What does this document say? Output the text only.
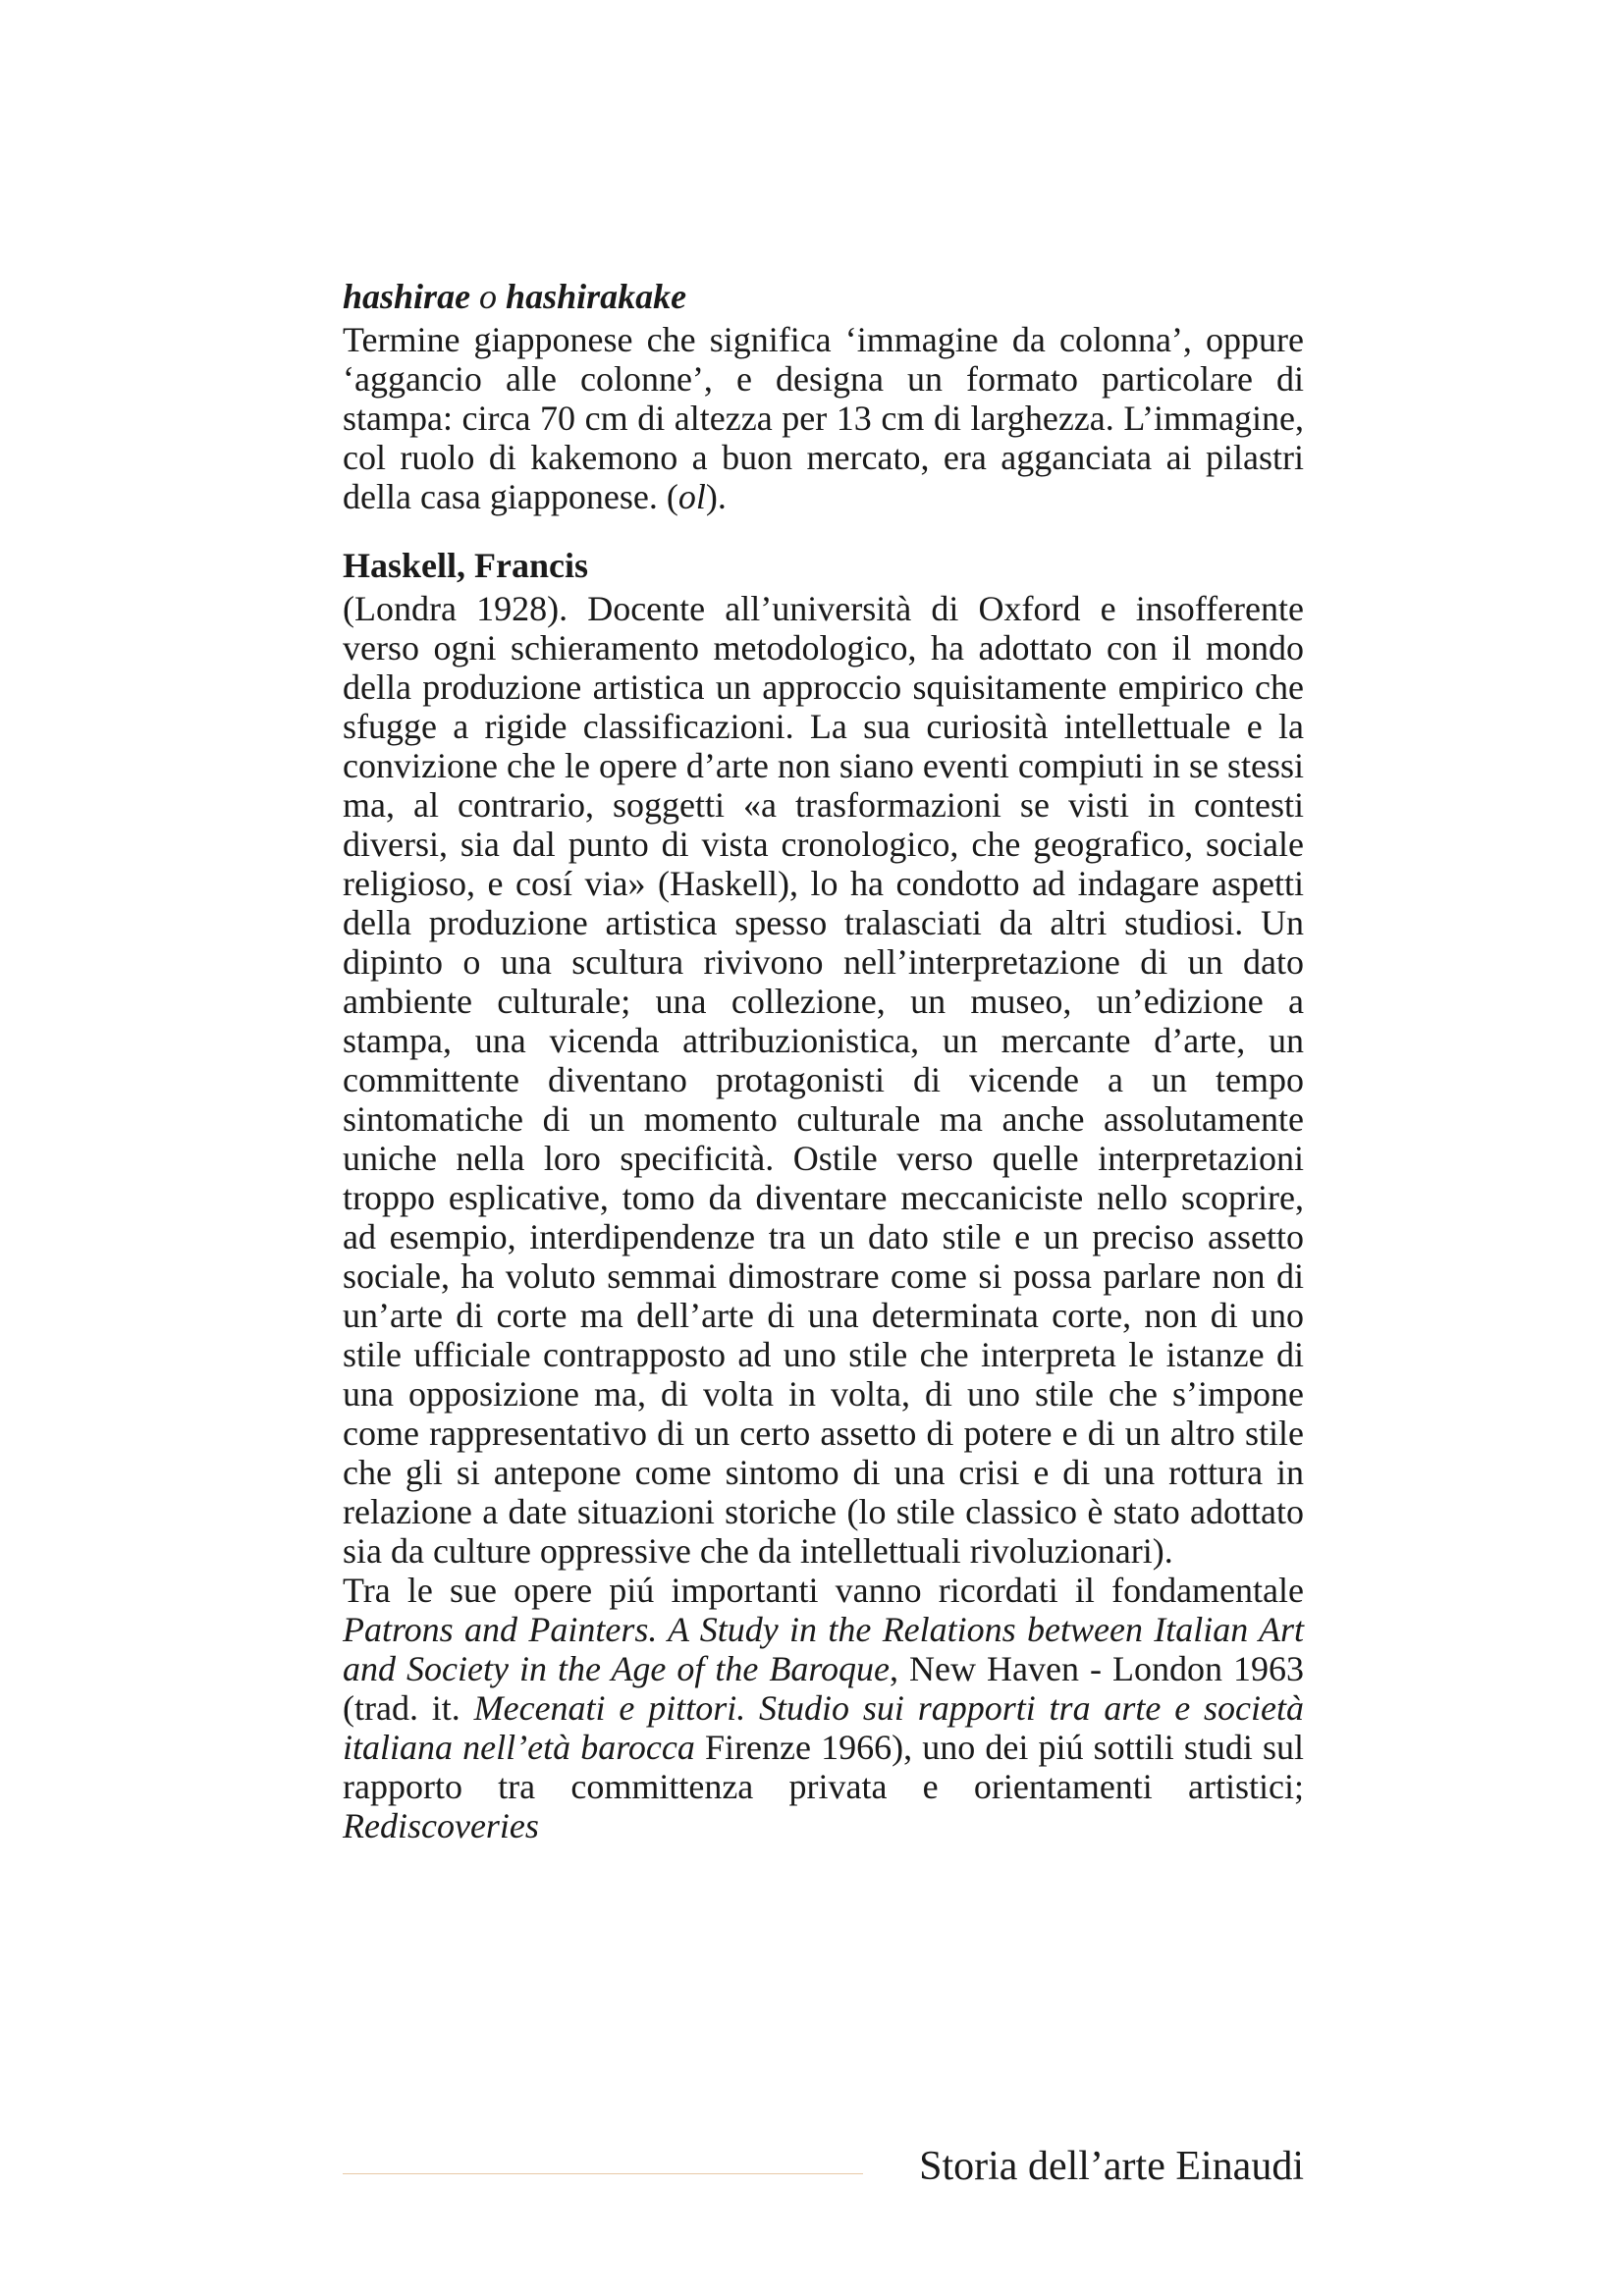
hashirae o hashirakake

Termine giapponese che significa ‘immagine da colonna’, oppure ‘aggancio alle colonne’, e designa un formato particolare di stampa: circa 70 cm di altezza per 13 cm di larghezza. L’immagine, col ruolo di kakemono a buon mercato, era agganciata ai pilastri della casa giapponese. (ol).

Haskell, Francis

(Londra 1928). Docente all’università di Oxford e insofferente verso ogni schieramento metodologico, ha adottato con il mondo della produzione artistica un approccio squisitamente empirico che sfugge a rigide classificazioni. La sua curiosità intellettuale e la convizione che le opere d’arte non siano eventi compiuti in se stessi ma, al contrario, soggetti «a trasformazioni se visti in contesti diversi, sia dal punto di vista cronologico, che geografico, sociale religioso, e cosí via» (Haskell), lo ha condotto ad indagare aspetti della produzione artistica spesso tralasciati da altri studiosi. Un dipinto o una scultura rivivono nell’interpretazione di un dato ambiente culturale; una collezione, un museo, un’edizione a stampa, una vicenda attribuzionistica, un mercante d’arte, un committente diventano protagonisti di vicende a un tempo sintomatiche di un momento culturale ma anche assolutamente uniche nella loro specificità. Ostile verso quelle interpretazioni troppo esplicative, tomo da diventare meccaniciste nello scoprire, ad esempio, interdipendenze tra un dato stile e un preciso assetto sociale, ha voluto semmai dimostrare come si possa parlare non di un’arte di corte ma dell’arte di una determinata corte, non di uno stile ufficiale contrapposto ad uno stile che interpreta le istanze di una opposizione ma, di volta in volta, di uno stile che s’impone come rappresentativo di un certo assetto di potere e di un altro stile che gli si antepone come sintomo di una crisi e di una rottura in relazione a date situazioni storiche (lo stile classico è stato adottato sia da culture oppressive che da intellettuali rivoluzionari).

Tra le sue opere piú importanti vanno ricordati il fondamentale Patrons and Painters. A Study in the Relations between Italian Art and Society in the Age of the Baroque, New Haven - London 1963 (trad. it. Mecenati e pittori. Studio sui rapporti tra arte e società italiana nell’età barocca Firenze 1966), uno dei piú sottili studi sul rapporto tra committenza privata e orientamenti artistici; Rediscoveries

Storia dell’arte Einaudi
